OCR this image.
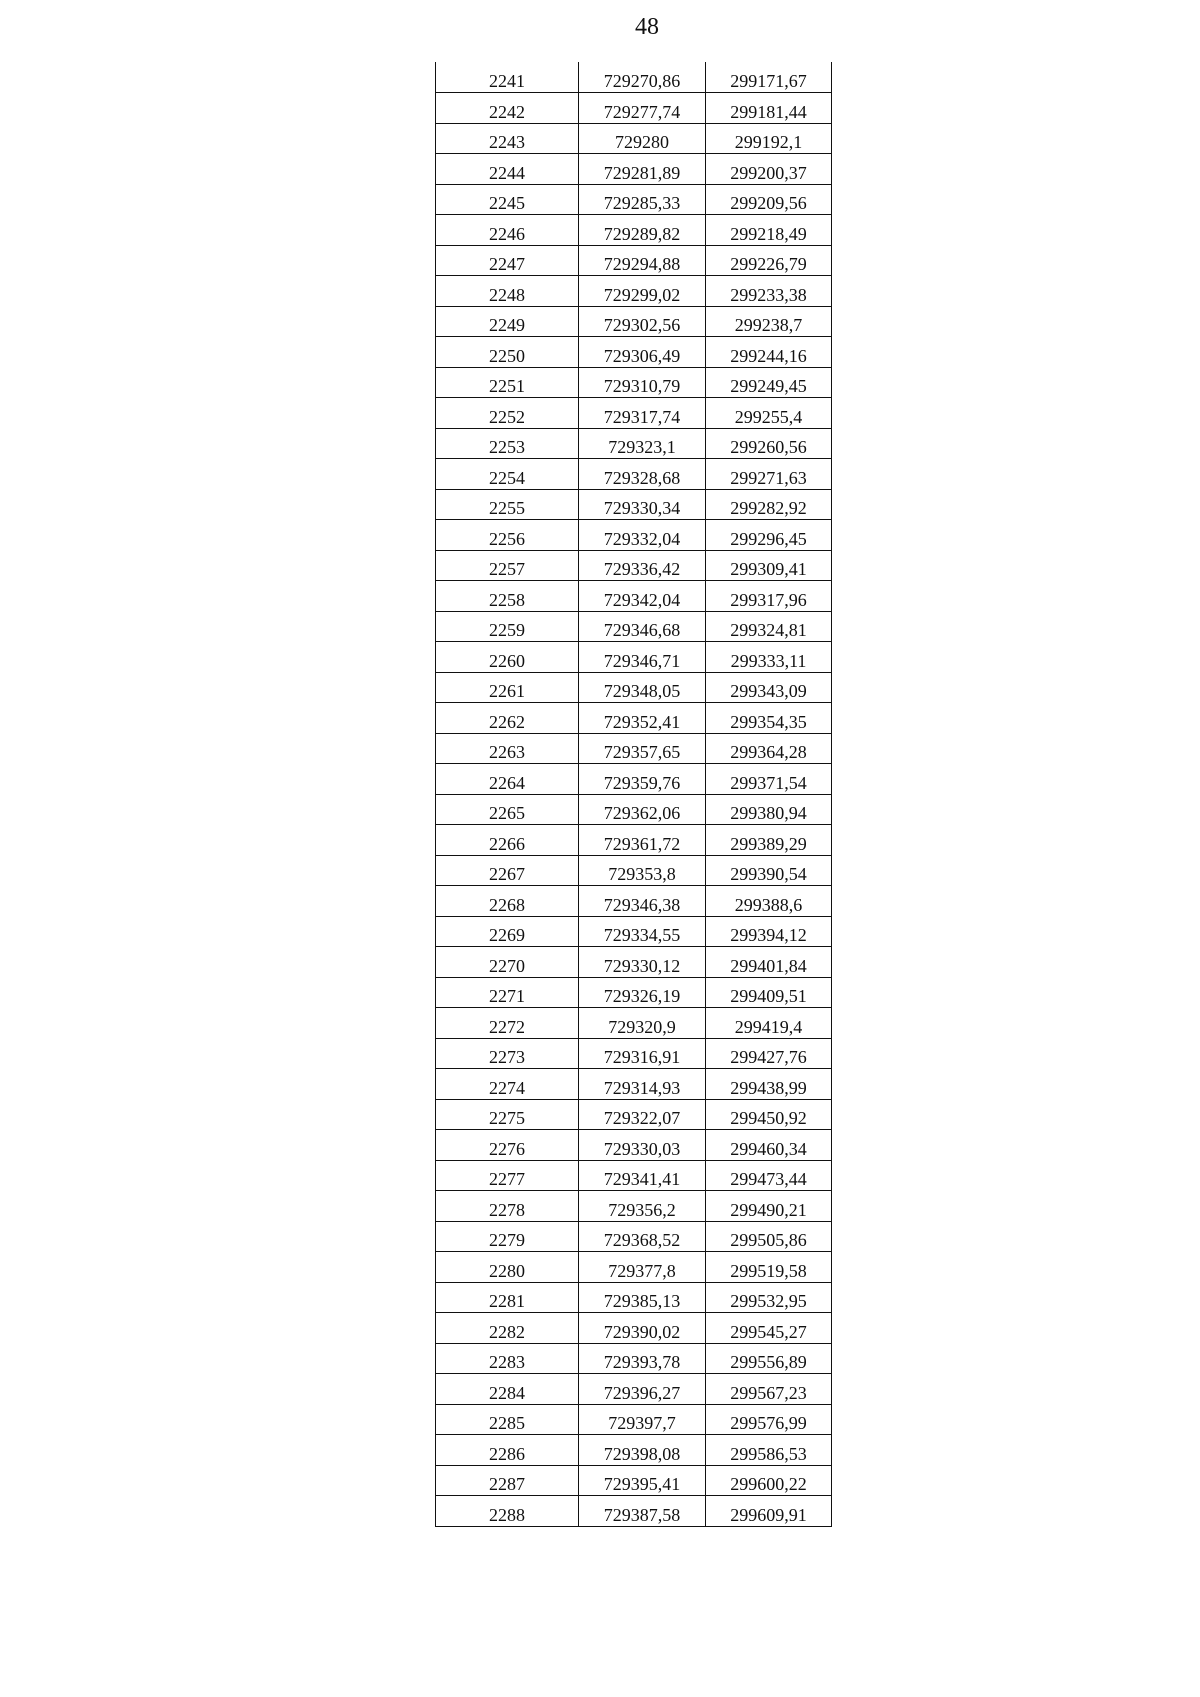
48
2241	729270,86	299171,67
2242	729277,74	299181,44
2243	729280	299192,1
2244	729281,89	299200,37
2245	729285,33	299209,56
2246	729289,82	299218,49
2247	729294,88	299226,79
2248	729299,02	299233,38
2249	729302,56	299238,7
2250	729306,49	299244,16
2251	729310,79	299249,45
2252	729317,74	299255,4
2253	729323,1	299260,56
2254	729328,68	299271,63
2255	729330,34	299282,92
2256	729332,04	299296,45
2257	729336,42	299309,41
2258	729342,04	299317,96
2259	729346,68	299324,81
2260	729346,71	299333,11
2261	729348,05	299343,09
2262	729352,41	299354,35
2263	729357,65	299364,28
2264	729359,76	299371,54
2265	729362,06	299380,94
2266	729361,72	299389,29
2267	729353,8	299390,54
2268	729346,38	299388,6
2269	729334,55	299394,12
2270	729330,12	299401,84
2271	729326,19	299409,51
2272	729320,9	299419,4
2273	729316,91	299427,76
2274	729314,93	299438,99
2275	729322,07	299450,92
2276	729330,03	299460,34
2277	729341,41	299473,44
2278	729356,2	299490,21
2279	729368,52	299505,86
2280	729377,8	299519,58
2281	729385,13	299532,95
2282	729390,02	299545,27
2283	729393,78	299556,89
2284	729396,27	299567,23
2285	729397,7	299576,99
2286	729398,08	299586,53
2287	729395,41	299600,22
2288	729387,58	299609,91
